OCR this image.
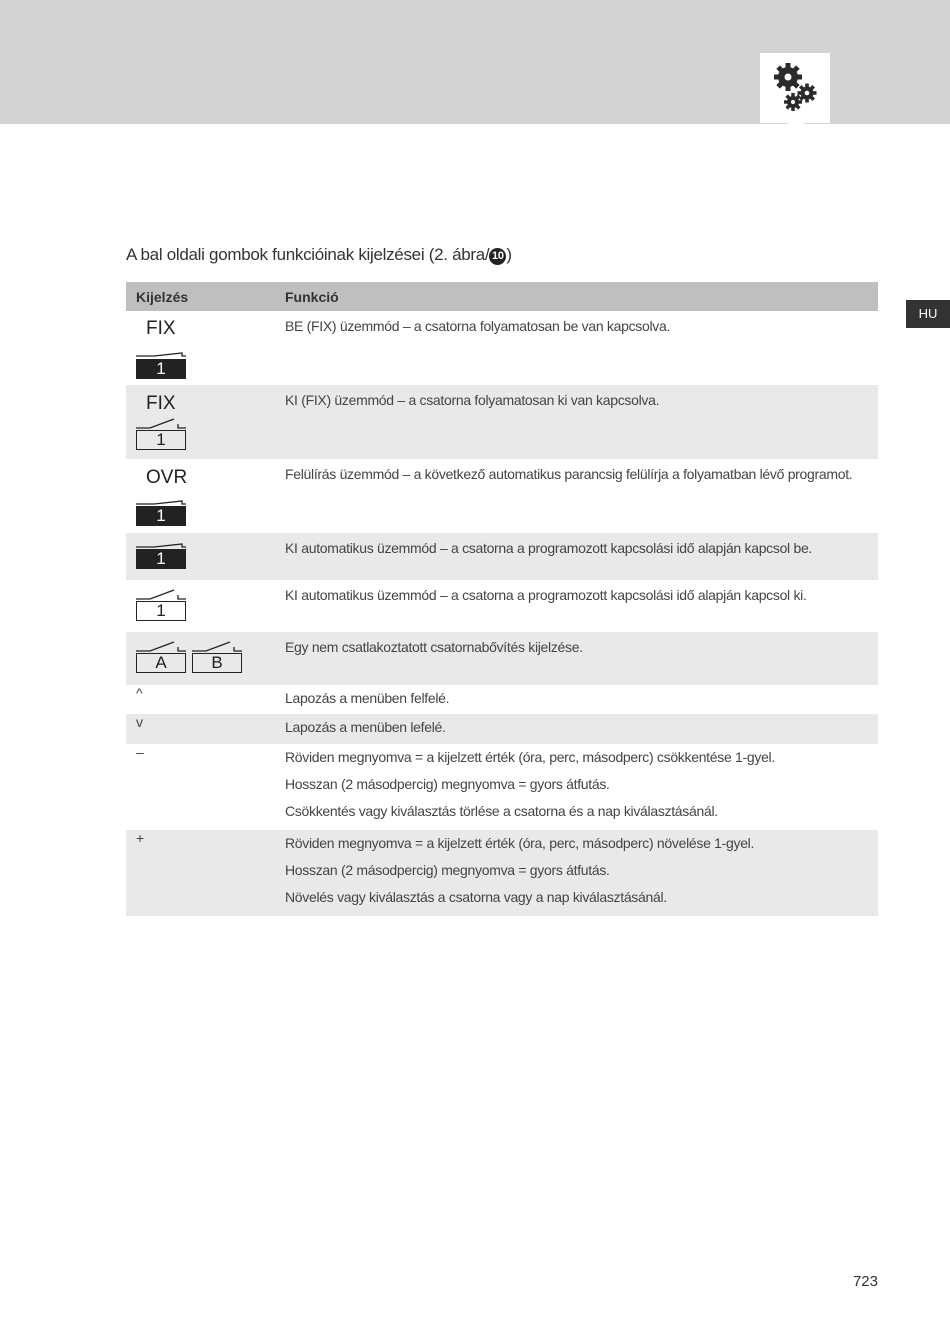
HU
A bal oldali gombok funkcióinak kijelzései (2. ábra/ 10 )
Kijelzés	Funkció

FIX
1	BE (FIX) üzemmód – a csatorna folyamatosan be van kapcsolva.

FIX
1	KI (FIX) üzemmód – a csatorna folyamatosan ki van kapcsolva.

OVR
1	Felülírás üzemmód – a következő automatikus parancsig felülírja a folyamatban lévő programot.

1	KI automatikus üzemmód – a csatorna a programozott kapcsolási idő alapján kapcsol be.

1	KI automatikus üzemmód – a csatorna a programozott kapcsolási idő alapján kapcsol ki.

A B	Egy nem csatlakoztatott csatornabővítés kijelzése.

^	Lapozás a menüben felfelé.

v	Lapozás a menüben lefelé.

–	Röviden megnyomva = a kijelzett érték (óra, perc, másodperc) csökkentése 1-gyel.
Hosszan (2 másodpercig) megnyomva = gyors átfutás.
Csökkentés vagy kiválasztás törlése a csatorna és a nap kiválasztásánál.

+	Röviden megnyomva = a kijelzett érték (óra, perc, másodperc) növelése 1-gyel.
Hosszan (2 másodpercig) megnyomva = gyors átfutás.
Növelés vagy kiválasztás a csatorna vagy a nap kiválasztásánál.
723
